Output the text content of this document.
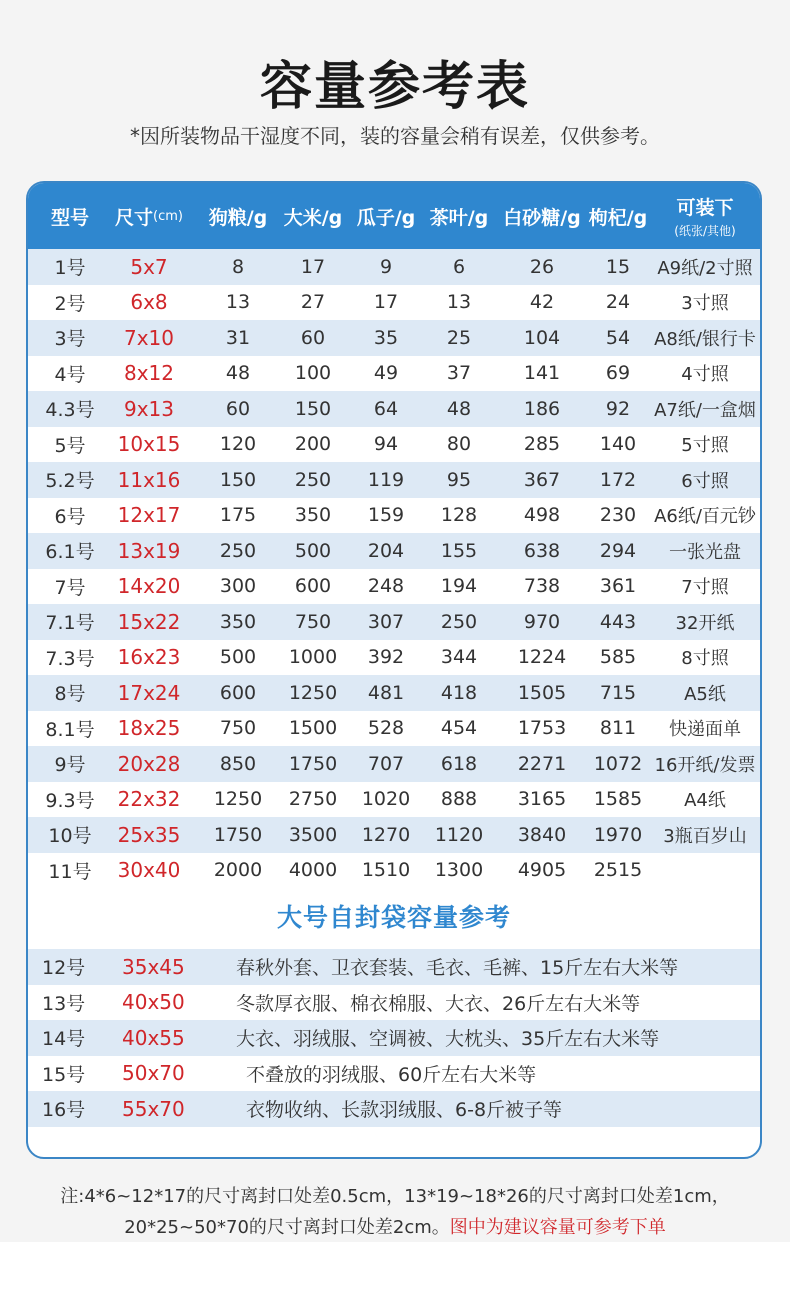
容量参考表
*因所装物品干湿度不同，装的容量会稍有误差，仅供参考。
型号 尺寸 (cm) 狗粮/g 大米/g 瓜子/g 茶叶/g 白砂糖/g 枸杞/g 可装下
(纸张/其他)
1号	5x7	8	17	9	6	26	15	A9纸/2寸照
2号	6x8	13	27	17	13	42	24	3寸照
3号	7x10	31	60	35	25	104	54	A8纸/银行卡
4号	8x12	48	100	49	37	141	69	4寸照
4.3号	9x13	60	150	64	48	186	92	A7纸/一盒烟
5号	10x15	120	200	94	80	285	140	5寸照
5.2号	11x16	150	250	119	95	367	172	6寸照
6号	12x17	175	350	159	128	498	230 A6纸/百元钞
6.1号	13x19	250	500	204	155	638	294	一张光盘
7号	14x20	300	600	248	194	738	361	7寸照
7.1号	15x22	350	750	307	250	970	443	32开纸
7.3号	16x23	500	1000	392	344	1224	585	8寸照
8号	17x24	600	1250	481	418	1505	715	A5纸
8.1号	18x25	750	1500	528	454	1753	811	快递面单
9号	20x28	850	1750	707	618	2271	1072 16开纸/发票
9.3号	22x32	1250	2750	1020	888	3165	1585	A4纸
10号	25x35	1750	3500	1270	1120	3840	1970	3瓶百岁山
11号	30x40	2000	4000	1510	1300	4905	2515
大号自封袋容量参考
12号 35x45	春秋外套、卫衣套装、毛衣、毛裤、15斤左右大米等
13号 40x50	冬款厚衣服、棉衣棉服、大衣、26斤左右大米等
14号 40x55	大衣、羽绒服、空调被、大枕头、35斤左右大米等
15号 50x70	不叠放的羽绒服、60斤左右大米等
16号 55x70	衣物收纳、长款羽绒服、6-8斤被子等
注:4*6~12*17的尺寸离封口处差0.5cm，13*19~18*26的尺寸离封口处差1cm，
20*25~50*70的尺寸离封口处差2cm。图中为建议容量可参考下单
